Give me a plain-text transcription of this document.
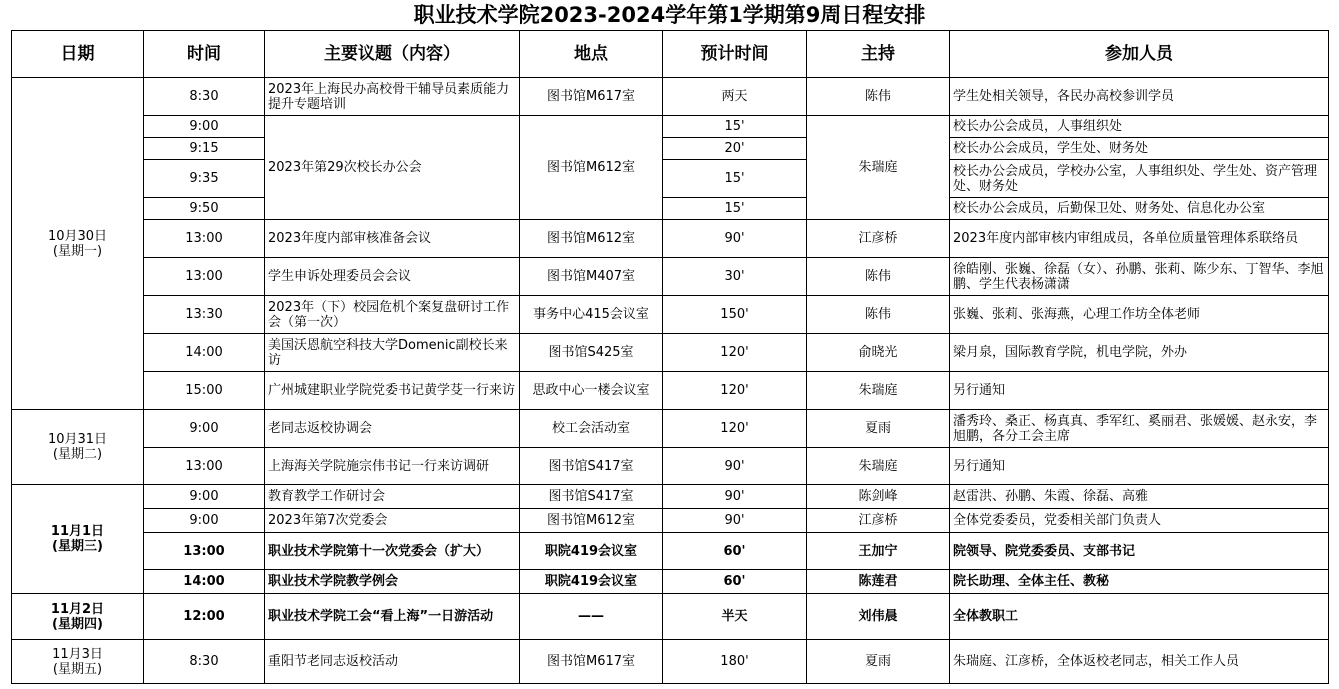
职业技术学院2023-2024学年第1学期第9周日程安排
日期	时间	主要议题（内容）	地点	预计时间	主持	参加人员

10月30日
(星期一)	8:30	2023年上海民办高校骨干辅导员素质能力提升专题培训	图书馆M617室	两天	陈伟	学生处相关领导，各民办高校参训学员
	9:00	2023年第29次校长办公会	图书馆M612室	15'	朱瑞庭	校长办公会成员，人事组织处
	9:15			20'		校长办公会成员，学生处、财务处
	9:35			15'		校长办公会成员，学校办公室，人事组织处、学生处、资产管理处、财务处
	9:50			15'		校长办公会成员，后勤保卫处、财务处、信息化办公室
	13:00	2023年度内部审核准备会议	图书馆M612室	90'	江彦桥	2023年度内部审核内审组成员，各单位质量管理体系联络员
	13:00	学生申诉处理委员会会议	图书馆M407室	30'	陈伟	徐皓刚、张巍、徐磊（女）、孙鹏、张莉、陈少东、丁智华、李旭鹏、学生代表杨潇潇
	13:30	2023年（下）校园危机个案复盘研讨工作会（第一次）	事务中心415会议室	150'	陈伟	张巍、张莉、张海燕，心理工作坊全体老师
	14:00	美国沃恩航空科技大学Domenic副校长来访	图书馆S425室	120'	俞晓光	梁月泉，国际教育学院，机电学院，外办
	15:00	广州城建职业学院党委书记黄学芟一行来访	思政中心一楼会议室	120'	朱瑞庭	另行通知

10月31日
(星期二)	9:00	老同志返校协调会	校工会活动室	120'	夏雨	潘秀玲、桑正、杨真真、季军红、奚丽君、张媛媛、赵永安，李旭鹏，各分工会主席
	13:00	上海海关学院施宗伟书记一行来访调研	图书馆S417室	90'	朱瑞庭	另行通知

11月1日
(星期三)	9:00	教育教学工作研讨会	图书馆S417室	90'	陈剑峰	赵雷洪、孙鹏、朱霞、徐磊、高雅
	9:00	2023年第7次党委会	图书馆M612室	90'	江彦桥	全体党委委员，党委相关部门负责人
	13:00	职业技术学院第十一次党委会（扩大）	职院419会议室	60'	王加宁	院领导、院党委委员、支部书记
	14:00	职业技术学院教学例会	职院419会议室	60'	陈莲君	院长助理、全体主任、教秘

11月2日
(星期四)	12:00	职业技术学院工会“看上海”一日游活动	——	半天	刘伟晨	全体教职工

11月3日
(星期五)	8:30	重阳节老同志返校活动	图书馆M617室	180'	夏雨	朱瑞庭、江彦桥，全体返校老同志，相关工作人员
